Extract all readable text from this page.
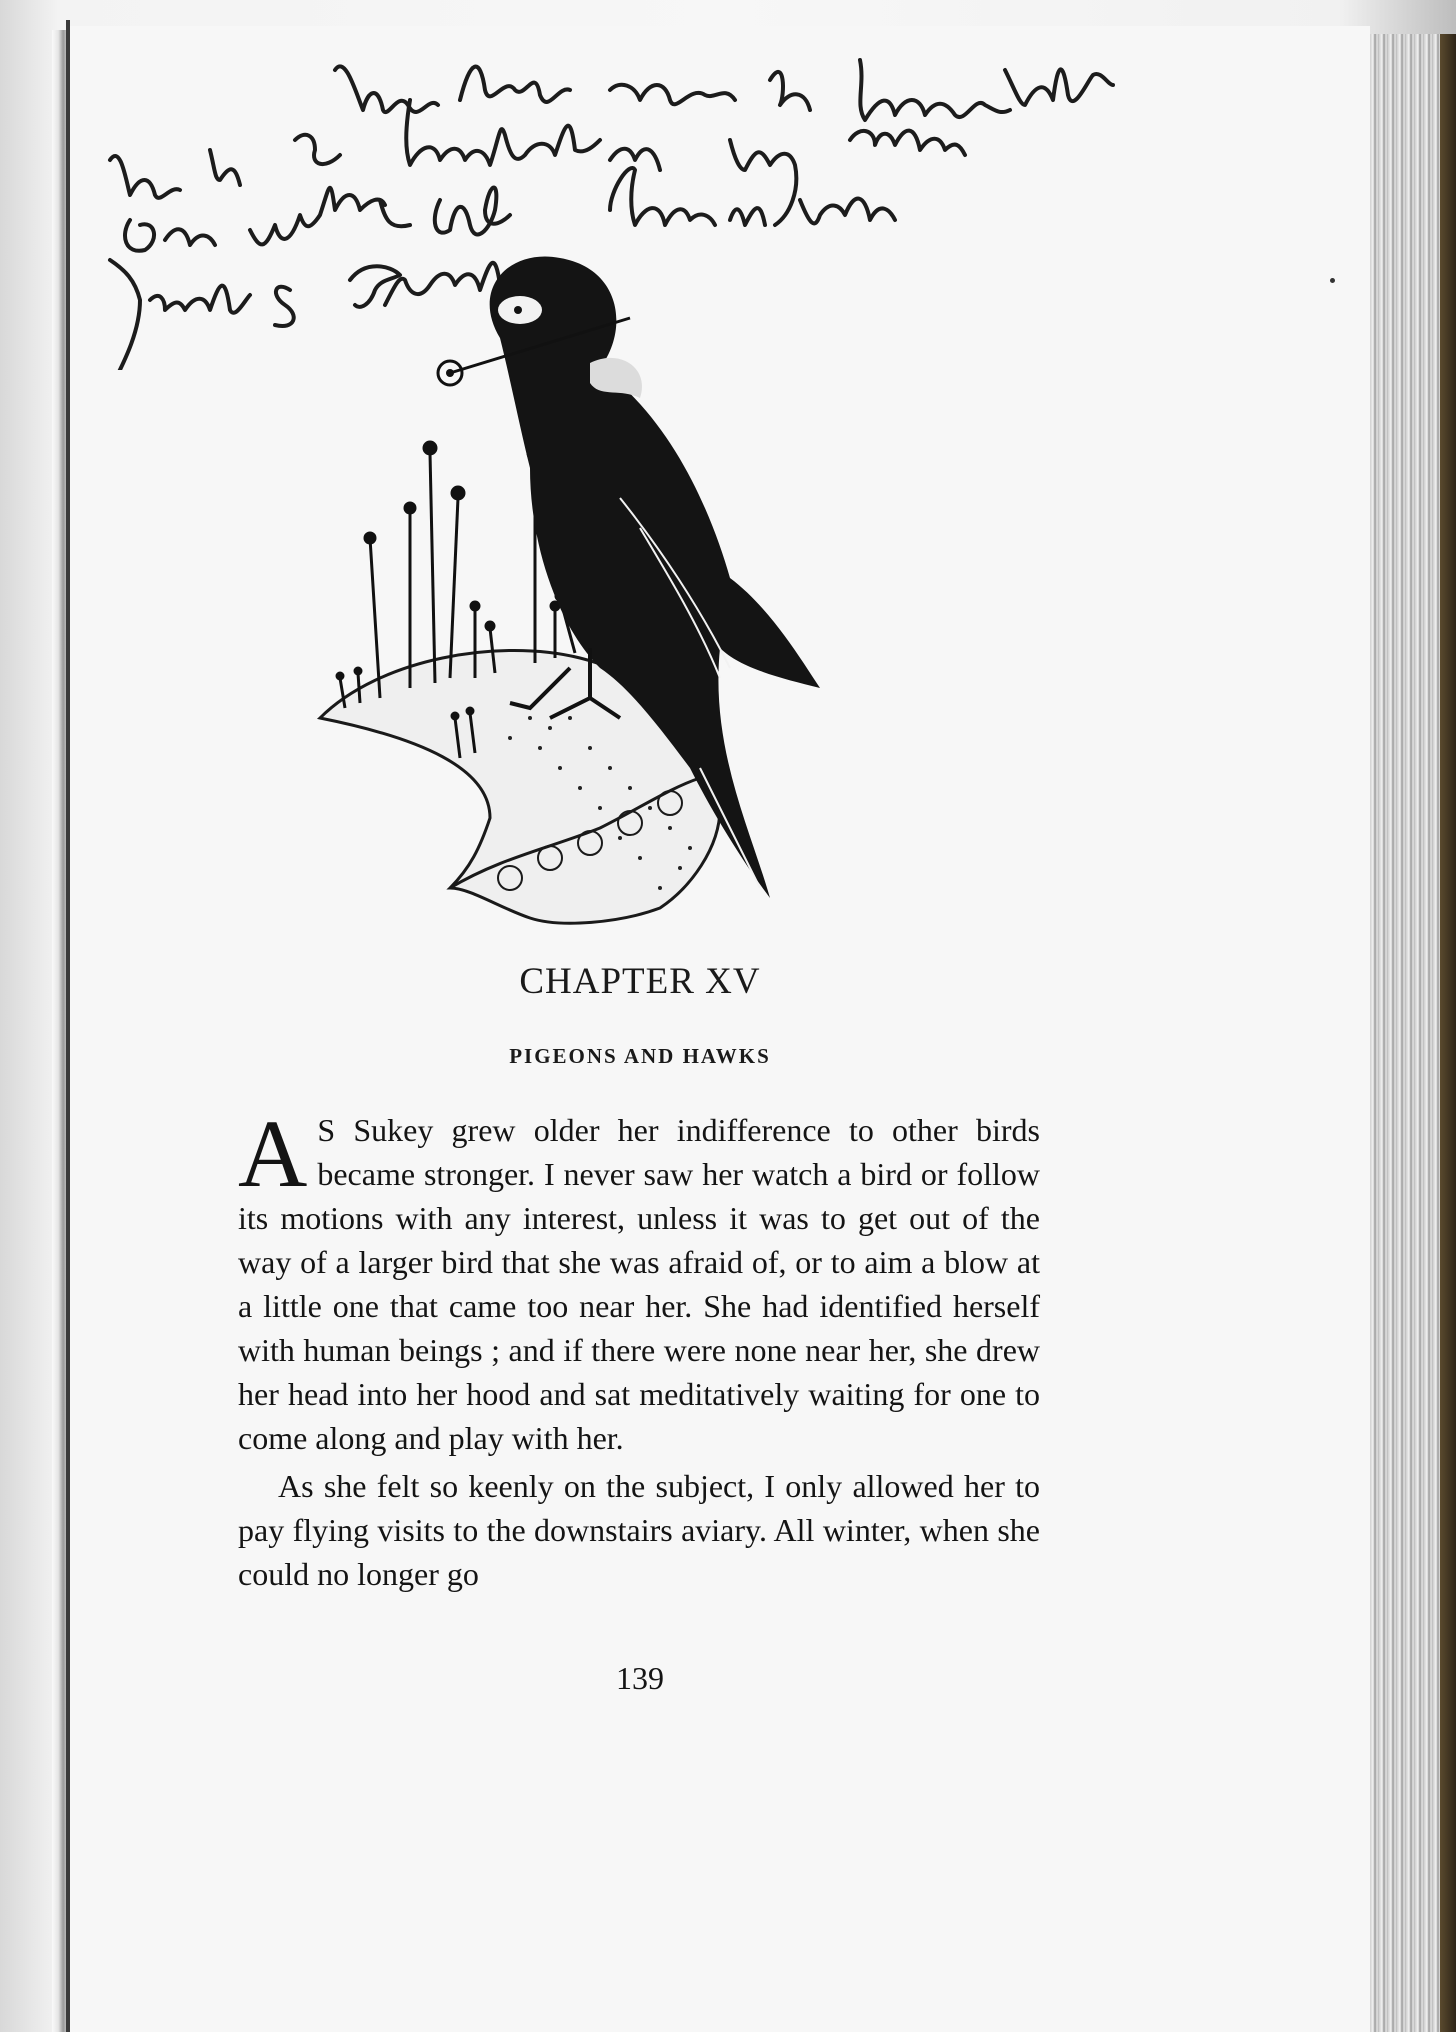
CHAPTER XV
PIGEONS AND HAWKS

A S Sukey grew older her indifference to other birds became stronger. I never saw her watch a bird or follow its motions with any interest, unless it was to get out of the way of a larger bird that she was afraid of, or to aim a blow at a little one that came too near her. She had identified herself with human beings ; and if there were none near her, she drew her head into her hood and sat meditatively waiting for one to come along and play with her.

As she felt so keenly on the subject, I only allowed her to pay flying visits to the downstairs aviary. All winter, when she could no longer go

139
